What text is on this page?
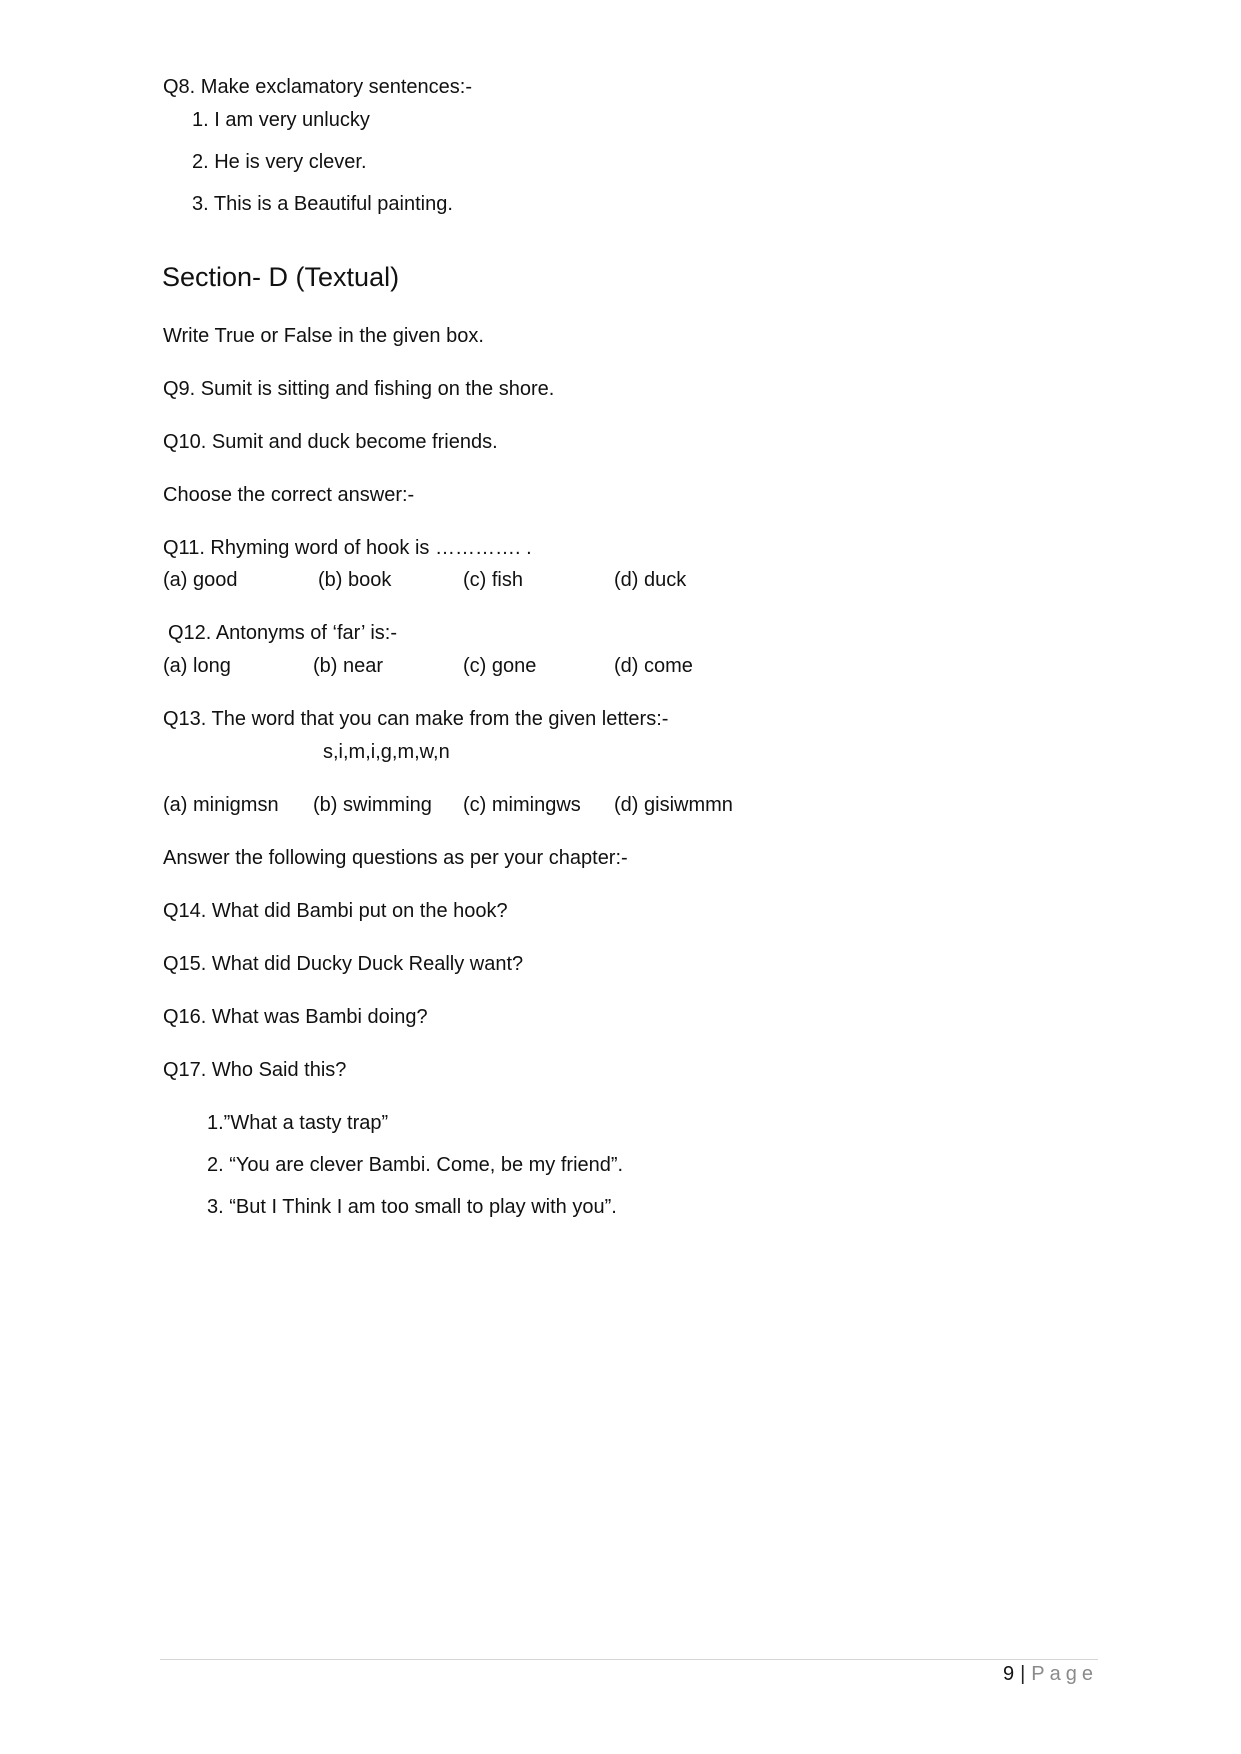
Q8. Make exclamatory sentences:-
1. I am very unlucky
2. He is very clever.
3. This is a Beautiful painting.
Section- D (Textual)
Write True or False in the given box.
Q9. Sumit is sitting and fishing on the shore.
Q10. Sumit and duck become friends.
Choose the correct answer:-
Q11. Rhyming word of hook is …………. .
(a) good	(b) book	(c) fish	(d) duck
Q12. Antonyms of ‘far’ is:-
(a) long	(b) near	(c) gone	(d) come
Q13. The word that you can make from the given letters:-
s,i,m,i,g,m,w,n
(a) minigmsn (b) swimming (c) mimingws (d) gisiwmmn
Answer the following questions as per your chapter:-
Q14. What did Bambi put on the hook?
Q15. What did Ducky Duck Really want?
Q16. What was Bambi doing?
Q17. Who Said this?
1.”What a tasty trap”
2. “You are clever Bambi. Come, be my friend”.
3. “But I Think I am too small to play with you”.
9 | Page
